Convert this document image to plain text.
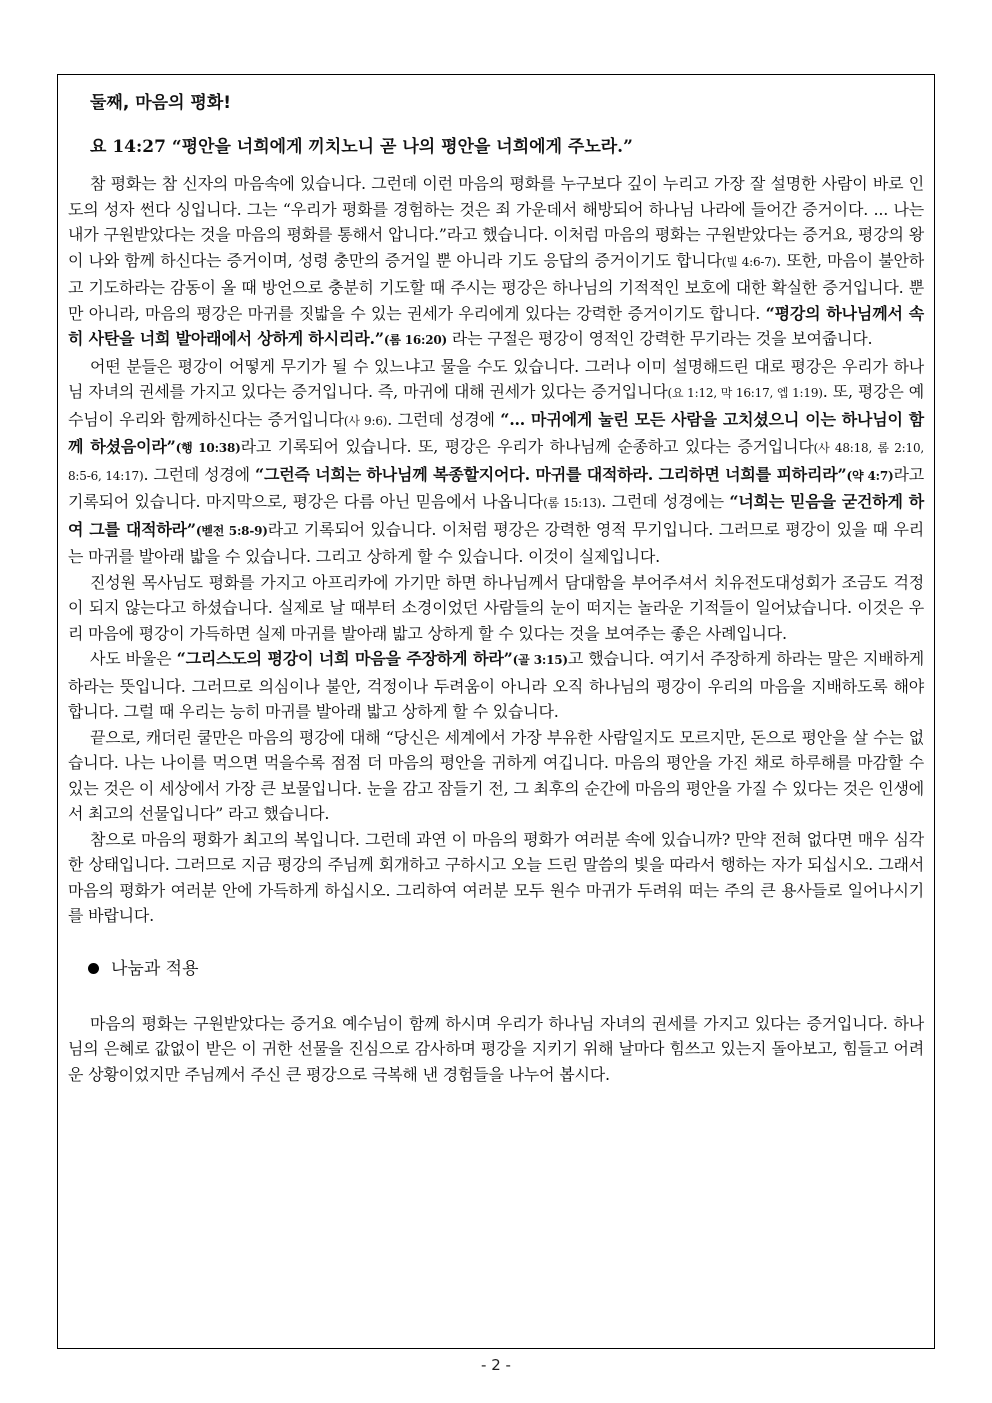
둘째, 마음의 평화!
요 14:27 “평안을 너희에게 끼치노니 곧 나의 평안을 너희에게 주노라.”

참 평화는 참 신자의 마음속에 있습니다. 그런데 이런 마음의 평화를 누구보다 깊이 누리고 가장 잘 설명한 사람이 바로 인도의 성자 썬다 싱입니다. 그는 “우리가 평화를 경험하는 것은 죄 가운데서 해방되어 하나님 나라에 들어간 증거이다. ... 나는 내가 구원받았다는 것을 마음의 평화를 통해서 압니다.”라고 했습니다. 이처럼 마음의 평화는 구원받았다는 증거요, 평강의 왕이 나와 함께 하신다는 증거이며, 성령 충만의 증거일 뿐 아니라 기도 응답의 증거이기도 합니다(빌 4:6-7). 또한, 마음이 불안하고 기도하라는 감동이 올 때 방언으로 충분히 기도할 때 주시는 평강은 하나님의 기적적인 보호에 대한 확실한 증거입니다. 뿐만 아니라, 마음의 평강은 마귀를 짓밟을 수 있는 권세가 우리에게 있다는 강력한 증거이기도 합니다. “평강의 하나님께서 속히 사탄을 너희 발아래에서 상하게 하시리라.”(롬 16:20) 라는 구절은 평강이 영적인 강력한 무기라는 것을 보여줍니다.

어떤 분들은 평강이 어떻게 무기가 될 수 있느냐고 물을 수도 있습니다. 그러나 이미 설명해드린 대로 평강은 우리가 하나님 자녀의 권세를 가지고 있다는 증거입니다. 즉, 마귀에 대해 권세가 있다는 증거입니다(요 1:12, 막 16:17, 엡 1:19). 또, 평강은 예수님이 우리와 함께하신다는 증거입니다(사 9:6). 그런데 성경에 “… 마귀에게 눌린 모든 사람을 고치셨으니 이는 하나님이 함께 하셨음이라”(행 10:38)라고 기록되어 있습니다. 또, 평강은 우리가 하나님께 순종하고 있다는 증거입니다(사 48:18, 롬 2:10, 8:5-6, 14:17). 그런데 성경에 “그런즉 너희는 하나님께 복종할지어다. 마귀를 대적하라. 그리하면 너희를 피하리라”(약 4:7)라고 기록되어 있습니다. 마지막으로, 평강은 다름 아닌 믿음에서 나옵니다(롬 15:13). 그런데 성경에는 “너희는 믿음을 굳건하게 하여 그를 대적하라”(벧전 5:8-9)라고 기록되어 있습니다. 이처럼 평강은 강력한 영적 무기입니다. 그러므로 평강이 있을 때 우리는 마귀를 발아래 밟을 수 있습니다. 그리고 상하게 할 수 있습니다. 이것이 실제입니다.

진성원 목사님도 평화를 가지고 아프리카에 가기만 하면 하나님께서 담대함을 부어주셔서 치유전도대성회가 조금도 걱정이 되지 않는다고 하셨습니다. 실제로 날 때부터 소경이었던 사람들의 눈이 떠지는 놀라운 기적들이 일어났습니다. 이것은 우리 마음에 평강이 가득하면 실제 마귀를 발아래 밟고 상하게 할 수 있다는 것을 보여주는 좋은 사례입니다.

사도 바울은 “그리스도의 평강이 너희 마음을 주장하게 하라”(골 3:15)고 했습니다. 여기서 주장하게 하라는 말은 지배하게 하라는 뜻입니다. 그러므로 의심이나 불안, 걱정이나 두려움이 아니라 오직 하나님의 평강이 우리의 마음을 지배하도록 해야 합니다. 그럴 때 우리는 능히 마귀를 발아래 밟고 상하게 할 수 있습니다.

끝으로, 캐더린 쿨만은 마음의 평강에 대해 “당신은 세계에서 가장 부유한 사람일지도 모르지만, 돈으로 평안을 살 수는 없습니다. 나는 나이를 먹으면 먹을수록 점점 더 마음의 평안을 귀하게 여깁니다. 마음의 평안을 가진 채로 하루해를 마감할 수 있는 것은 이 세상에서 가장 큰 보물입니다. 눈을 감고 잠들기 전, 그 최후의 순간에 마음의 평안을 가질 수 있다는 것은 인생에서 최고의 선물입니다” 라고 했습니다.

참으로 마음의 평화가 최고의 복입니다. 그런데 과연 이 마음의 평화가 여러분 속에 있습니까? 만약 전혀 없다면 매우 심각한 상태입니다. 그러므로 지금 평강의 주님께 회개하고 구하시고 오늘 드린 말씀의 빛을 따라서 행하는 자가 되십시오. 그래서 마음의 평화가 여러분 안에 가득하게 하십시오. 그리하여 여러분 모두 원수 마귀가 두려워 떠는 주의 큰 용사들로 일어나시기를 바랍니다.

나눔과 적용

마음의 평화는 구원받았다는 증거요 예수님이 함께 하시며 우리가 하나님 자녀의 권세를 가지고 있다는 증거입니다. 하나님의 은혜로 값없이 받은 이 귀한 선물을 진심으로 감사하며 평강을 지키기 위해 날마다 힘쓰고 있는지 돌아보고, 힘들고 어려운 상황이었지만 주님께서 주신 큰 평강으로 극복해 낸 경험들을 나누어 봅시다.

- 2 -
